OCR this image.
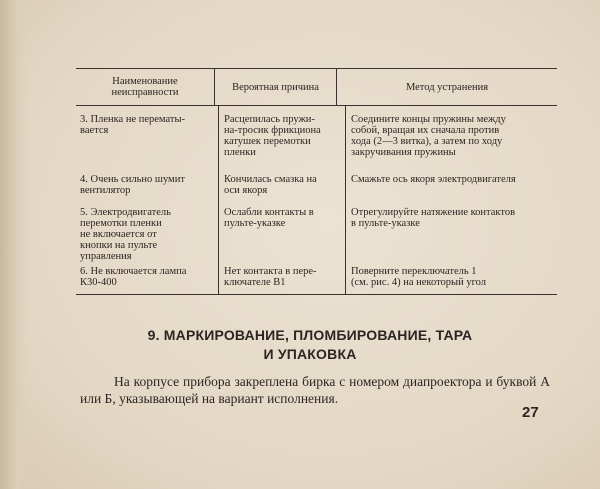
Наименование
неисправности	Вероятная причина	Метод устранения
3. Пленка не перематы-
вается
Расцепилась пружи-
на-тросик фрикциона
катушек перемотки
пленки
Соедините концы пружины между
собой, вращая их сначала против
хода (2—3 витка), а затем по ходу
закручивания пружины
4. Очень сильно шумит
вентилятор
Кончилась смазка на
оси якоря
Смажьте ось якоря электродвигателя
5. Электродвигатель
перемотки пленки
не включается от
кнопки на пульте
управления
Ослабли контакты в
пульте-указке
Отрегулируйте натяжение контактов
в пульте-указке
6. Не включается лампа
К30-400
Нет контакта в пере-
ключателе В1
Поверните переключатель 1
(см. рис. 4) на некоторый угол
9. МАРКИРОВАНИЕ, ПЛОМБИРОВАНИЕ, ТАРА
И УПАКОВКА
На корпусе прибора закреплена бирка с номером диапроектора и буквой А или Б, указывающей на вариант исполнения.
27
